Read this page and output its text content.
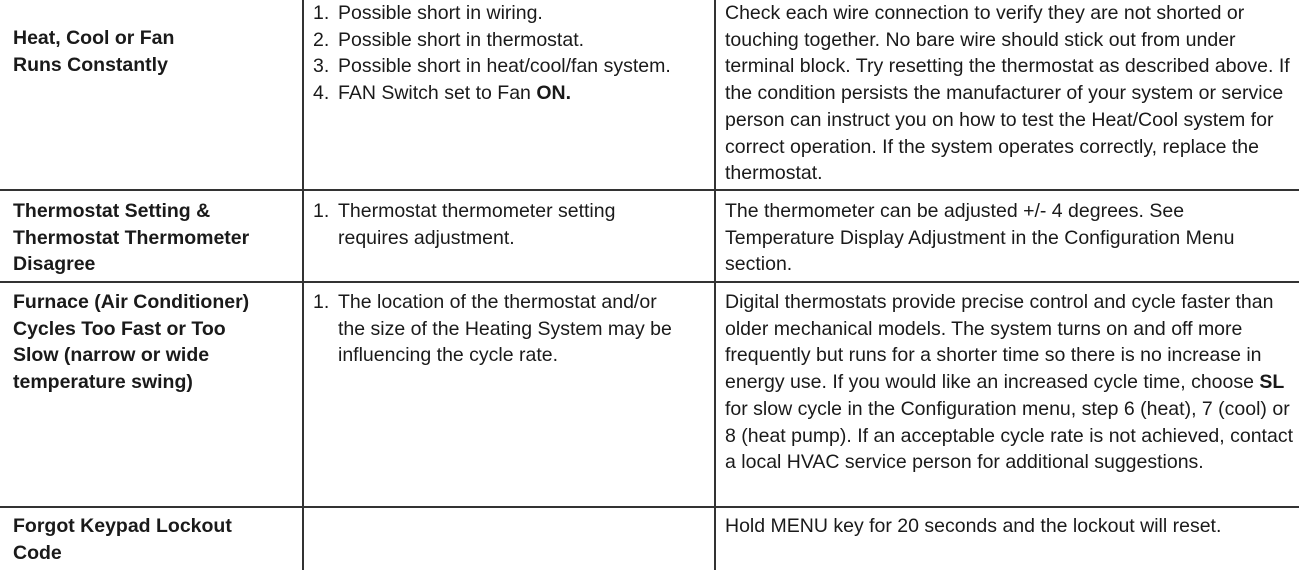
Heat, Cool or Fan
Runs Constantly
1. Possible short in wiring.
2. Possible short in thermostat.
3. Possible short in heat/cool/fan system.
4. FAN Switch set to Fan ON.
Check each wire connection to verify they are not shorted or touching together. No bare wire should stick out from under terminal block. Try resetting the thermostat as described above. If the condition persists the manufacturer of your system or service person can instruct you on how to test the Heat/Cool system for correct operation. If the system operates correctly, replace the thermostat.
Thermostat Setting &
Thermostat Thermometer
Disagree
1. Thermostat thermometer setting requires adjustment.
The thermometer can be adjusted +/- 4 degrees. See Temperature Display Adjustment in the Configuration Menu section.
Furnace (Air Conditioner)
Cycles Too Fast or Too
Slow (narrow or wide
temperature swing)
1. The location of the thermostat and/or the size of the Heating System may be influencing the cycle rate.
Digital thermostats provide precise control and cycle faster than older mechanical models. The system turns on and off more frequently but runs for a shorter time so there is no increase in energy use. If you would like an increased cycle time, choose SL for slow cycle in the Configuration menu, step 6 (heat), 7 (cool) or 8 (heat pump). If an acceptable cycle rate is not achieved, contact a local HVAC service person for additional suggestions.
Forgot Keypad Lockout
Code
Hold MENU key for 20 seconds and the lockout will reset.
